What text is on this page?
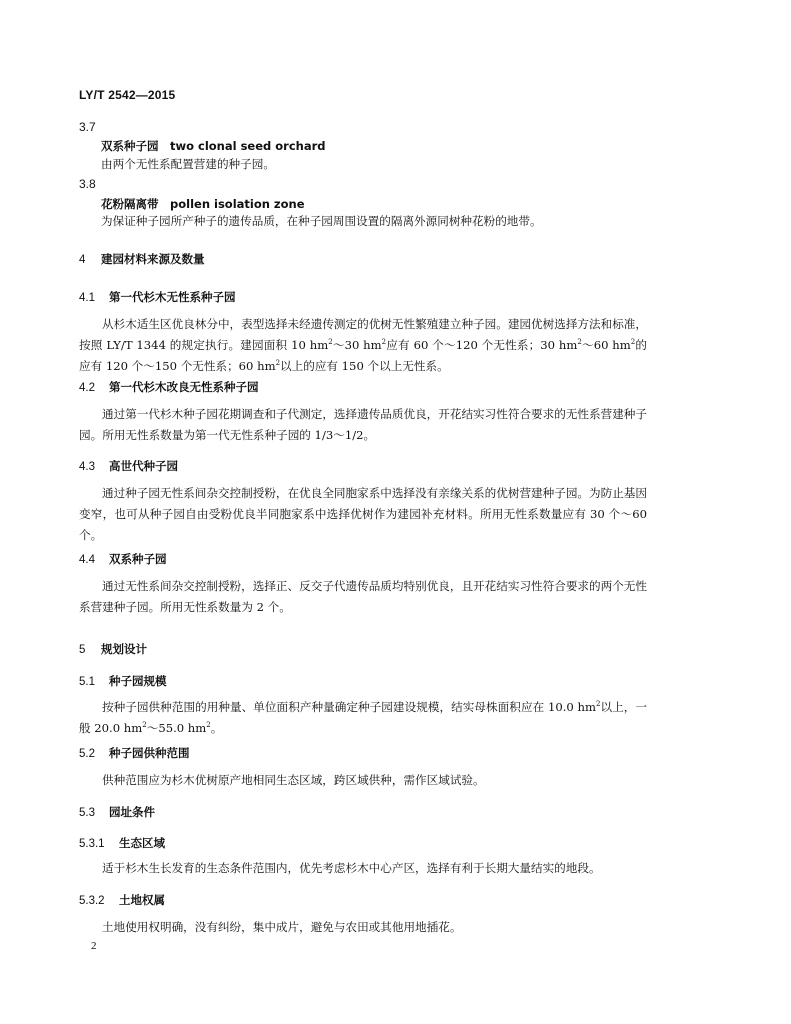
LY/T 2542—2015
3.7
双系种子园　two clonal seed orchard
由两个无性系配置营建的种子园。
3.8
花粉隔离带　pollen isolation zone
为保证种子园所产种子的遗传品质，在种子园周围设置的隔离外源同树种花粉的地带。
4 建园材料来源及数量
4.1 第一代杉木无性系种子园
从杉木适生区优良林分中，表型选择未经遗传测定的优树无性繁殖建立种子园。建园优树选择方法和标准，按照 LY/T 1344 的规定执行。建园面积 10 $hm^2\sim 30$ $hm^2$应有 60 个～120 个无性系；30 $hm^2\sim 60$ $hm^2$的应有 120 个～150 个无性系；60 $hm^2$以上的应有 150 个以上无性系。
4.2 第一代杉木改良无性系种子园
通过第一代杉木种子园花期调查和子代测定，选择遗传品质优良，开花结实习性符合要求的无性系营建种子园。所用无性系数量为第一代无性系种子园的 1/3～1/2。
4.3 高世代种子园
通过种子园无性系间杂交控制授粉，在优良全同胞家系中选择没有亲缘关系的优树营建种子园。为防止基因变窄，也可从种子园自由受粉优良半同胞家系中选择优树作为建园补充材料。所用无性系数量应有 30 个～60 个。
4.4 双系种子园
通过无性系间杂交控制授粉，选择正、反交子代遗传品质均特别优良，且开花结实习性符合要求的两个无性系营建种子园。所用无性系数量为 2 个。
5 规划设计
5.1 种子园规模
按种子园供种范围的用种量、单位面积产种量确定种子园建设规模，结实母株面积应在 10.0 $hm^2$以上，一般 20.0 $hm^2\sim 55.0$ $hm^2$。
5.2 种子园供种范围
供种范围应为杉木优树原产地相同生态区域，跨区域供种，需作区域试验。
5.3 园址条件
5.3.1 生态区域
适于杉木生长发育的生态条件范围内，优先考虑杉木中心产区，选择有利于长期大量结实的地段。
5.3.2 土地权属
土地使用权明确，没有纠纷，集中成片，避免与农田或其他用地插花。
2
